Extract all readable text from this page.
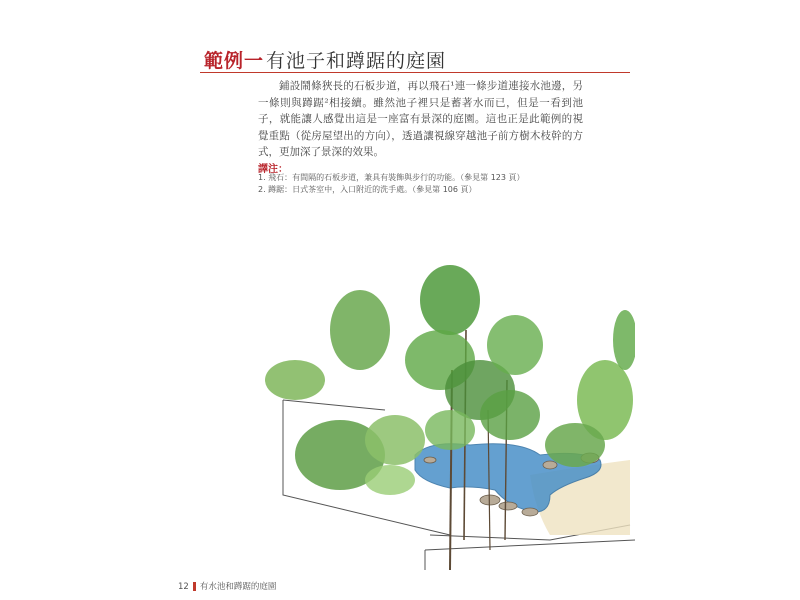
範例一 有池子和蹲踞的庭園

鋪設鬧條狹長的石板步道，再以飛石¹連一條步道連接水池邊，另一條則與蹲踞²相接續。雖然池子裡只是蓄著水而已，但是一看到池子，就能讓人感覺出這是一座富有景深的庭園。這也正是此範例的視覺重點（從房屋望出的方向），透過讓視線穿越池子前方樹木枝幹的方式，更加深了景深的效果。

譯注：
1. 飛石：有間隔的石板步道，兼具有裝飾與步行的功能。（參見第 123 頁）
2. 蹲踞：日式茶室中，入口附近的洗手處。（參見第 106 頁）
12 有水池和蹲踞的庭園
